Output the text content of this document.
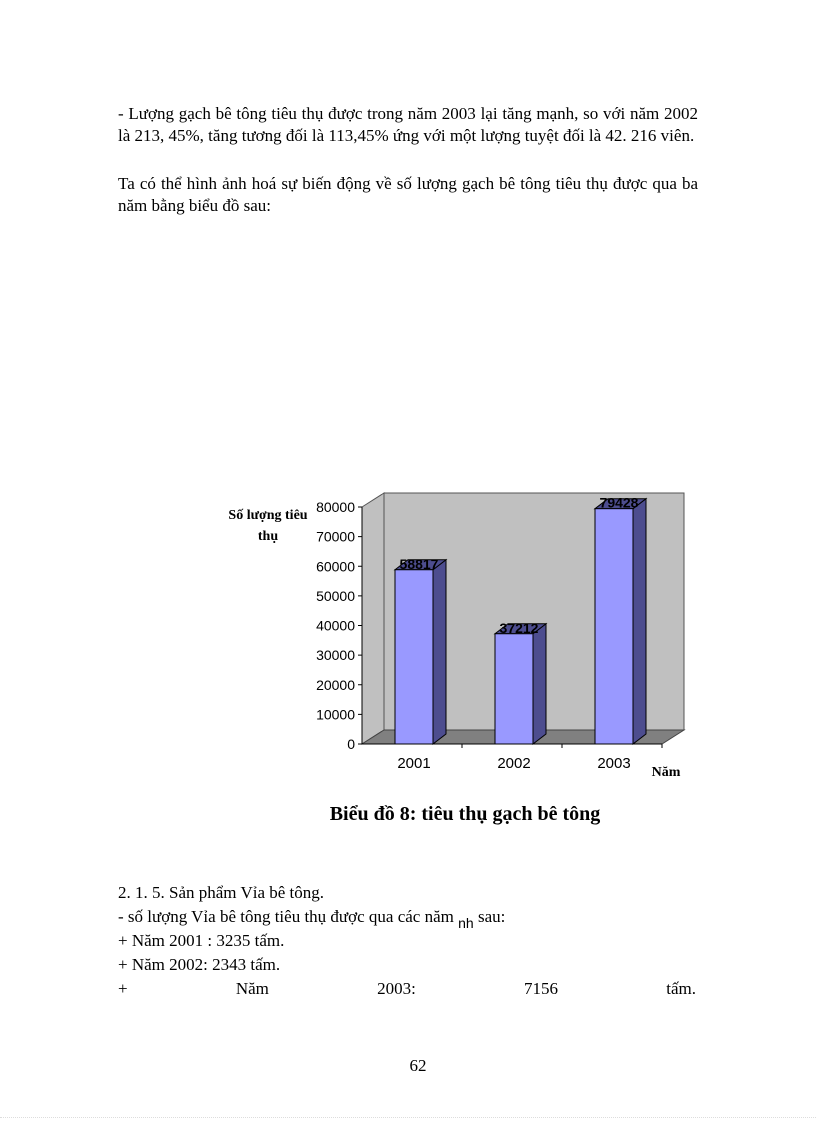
- Lượng gạch bê tông tiêu thụ được trong năm 2003 lại tăng mạnh, so với năm 2002 là 213, 45%, tăng tương đối là 113,45% ứng với một lượng tuyệt đối là 42. 216 viên.

Ta có thể hình ảnh hoá sự biến động về số lượng gạch bê tông tiêu thụ được qua ba năm bằng biểu đồ sau:

Số lượng tiêu
thụ
0
10000
20000
30000
40000
50000
60000
70000
80000
58817
2001
37212
2002
79428
2003
Năm
Biểu đồ 8: tiêu thụ gạch bê tông
2. 1. 5. Sản phẩm Vỉa bê tông.
- số lượng Vỉa bê tông tiêu thụ được qua các năm $_{nh}$ sau:
+ Năm 2001 : 3235 tấm.
+ Năm 2002: 2343 tấm.
+	Năm	2003:	7156	tấm.
62
